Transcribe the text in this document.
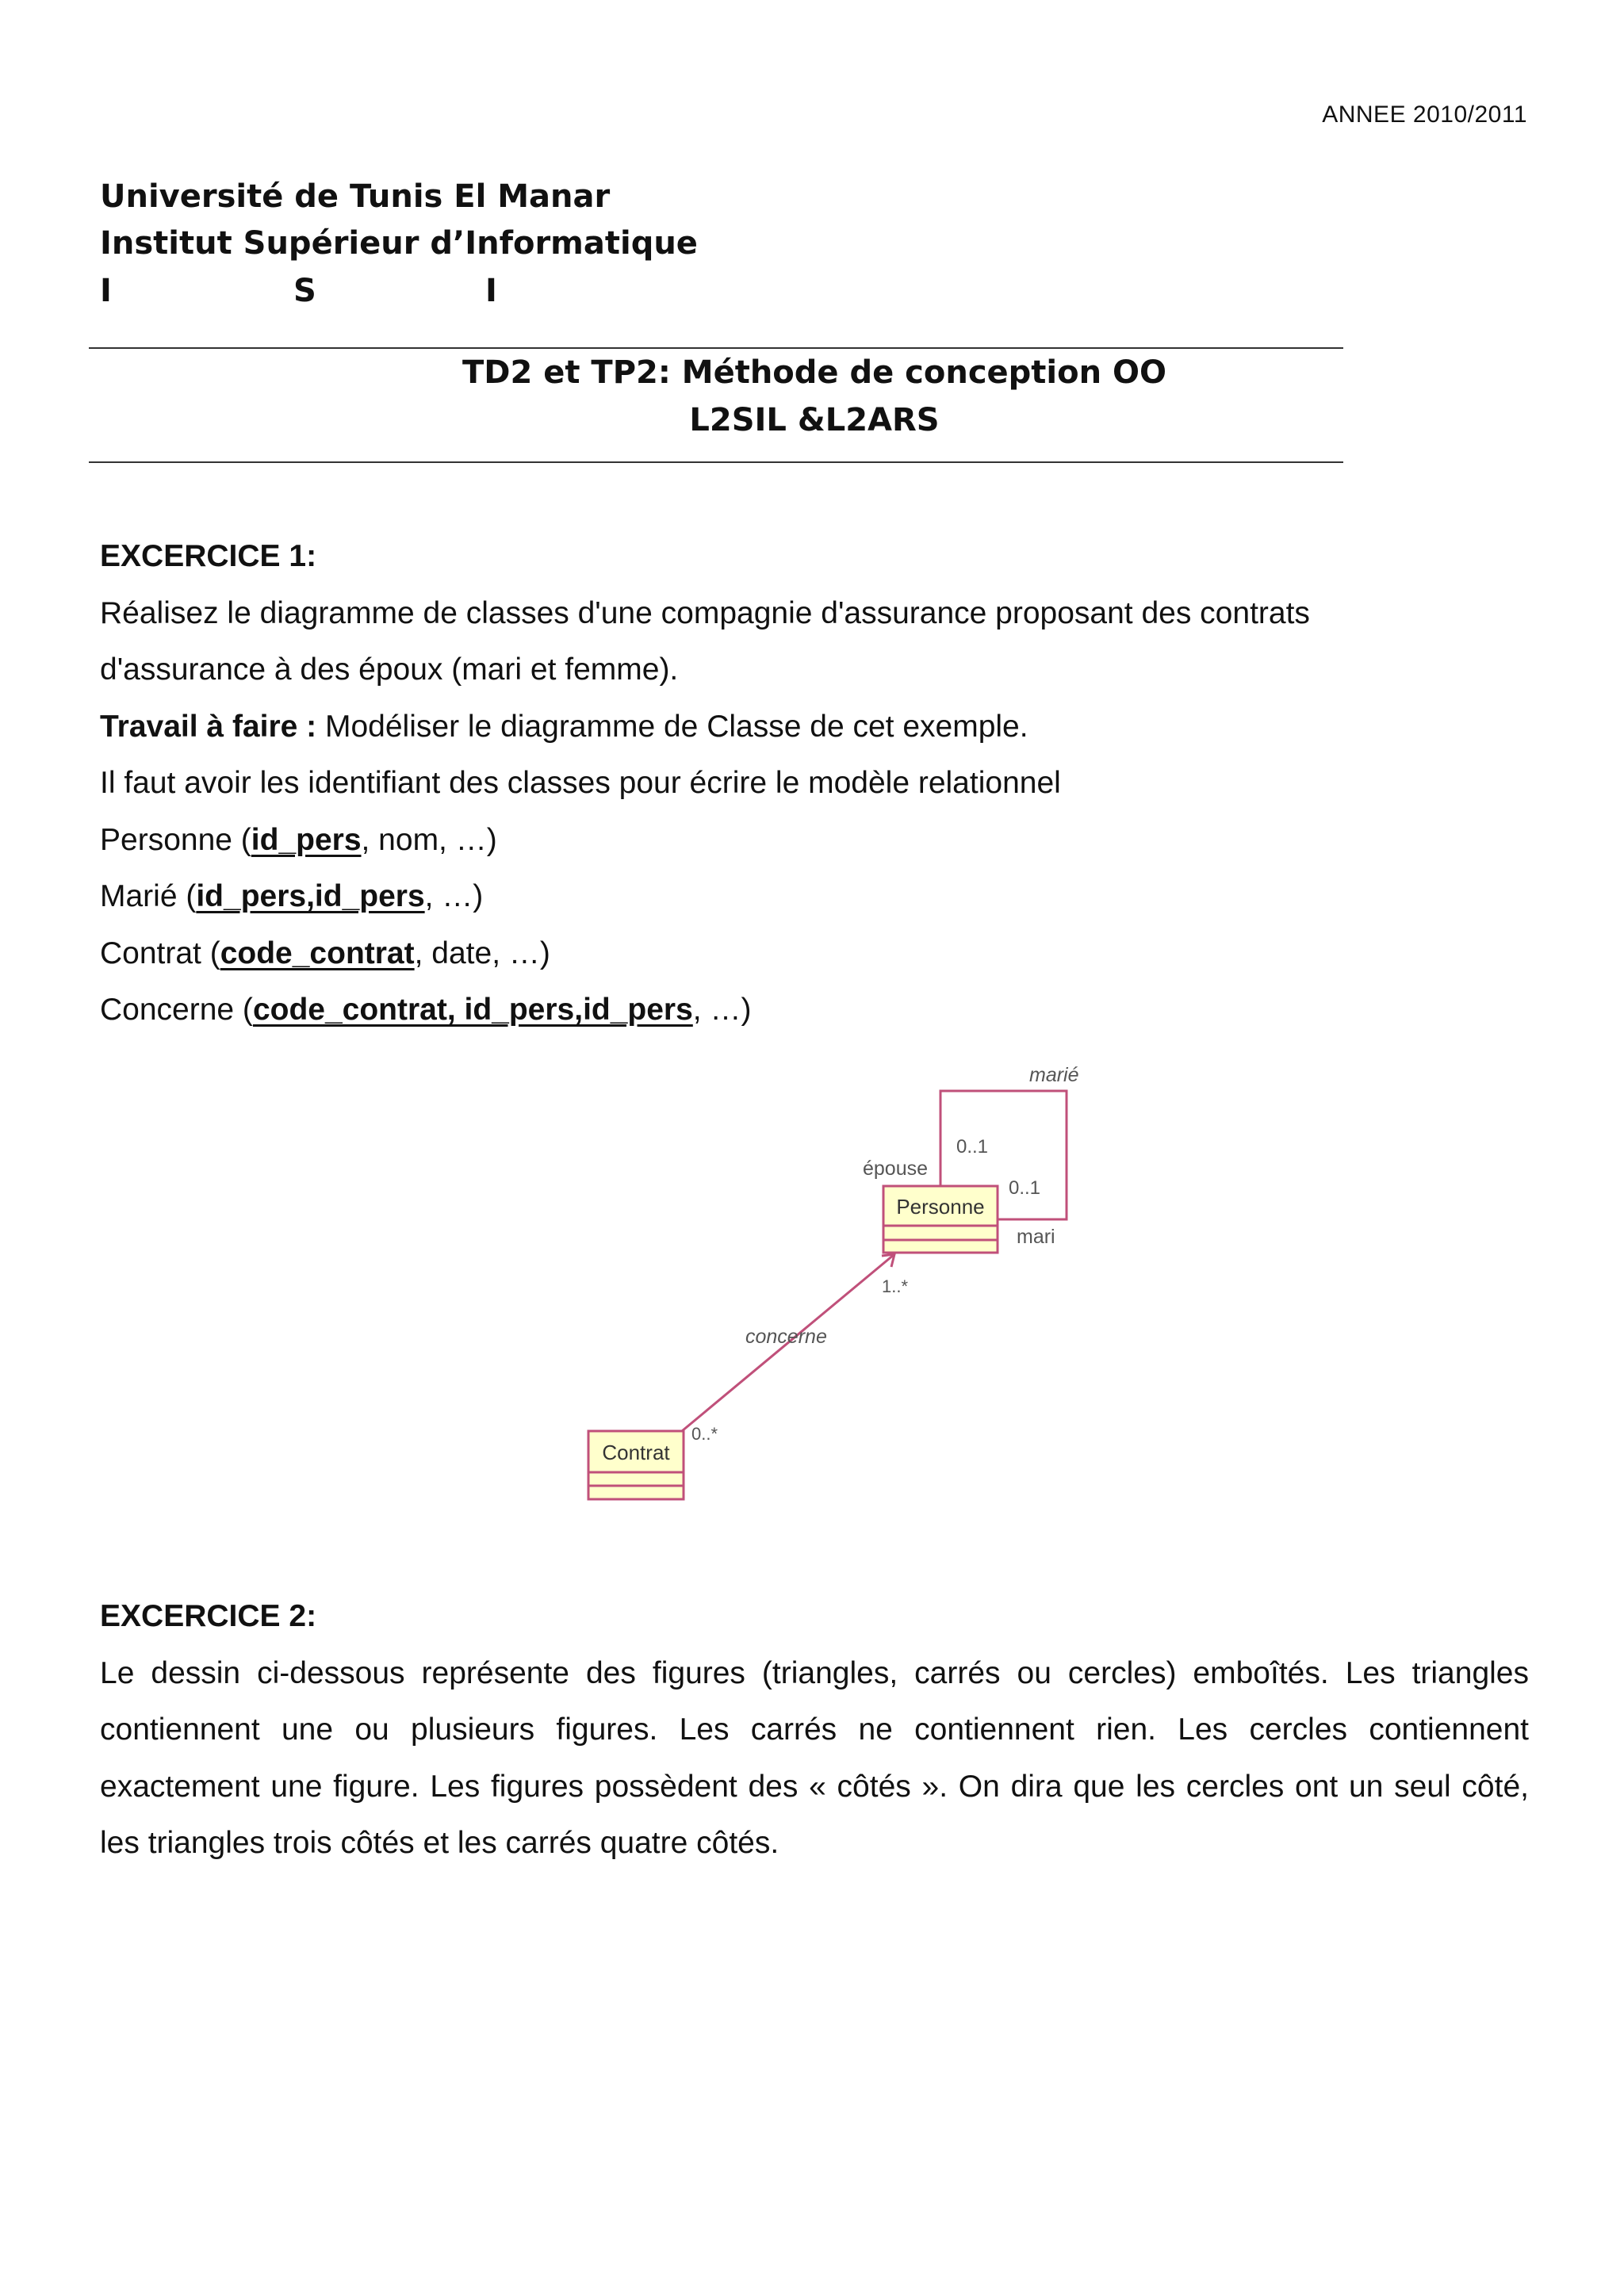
ANNEE 2010/2011
Université de Tunis El Manar
Institut Supérieur d’Informatique
I	S	I
TD2 et TP2: Méthode de conception OO
L2SIL &L2ARS

EXCERCICE 1:

Réalisez le diagramme de classes d'une compagnie d'assurance proposant des contrats d'assurance à des époux (mari et femme).

Travail à faire : Modéliser le diagramme de Classe de cet exemple.

Il faut avoir les identifiant des classes pour écrire le modèle relationnel

Personne (id_pers, nom, …)

Marié (id_pers,id_pers, …)

Contrat (code_contrat, date, …)

Concerne (code_contrat, id_pers,id_pers, …)

marié
épouse
0..1
0..1
mari
concerne
1..*
0..*
Personne
Contrat

EXCERCICE 2:

Le dessin ci-dessous représente des figures (triangles, carrés ou cercles) emboîtés. Les triangles contiennent une ou plusieurs figures. Les carrés ne contiennent rien. Les cercles contiennent exactement une figure. Les figures possèdent des « côtés ». On dira que les cercles ont un seul côté, les triangles trois côtés et les carrés quatre côtés.
